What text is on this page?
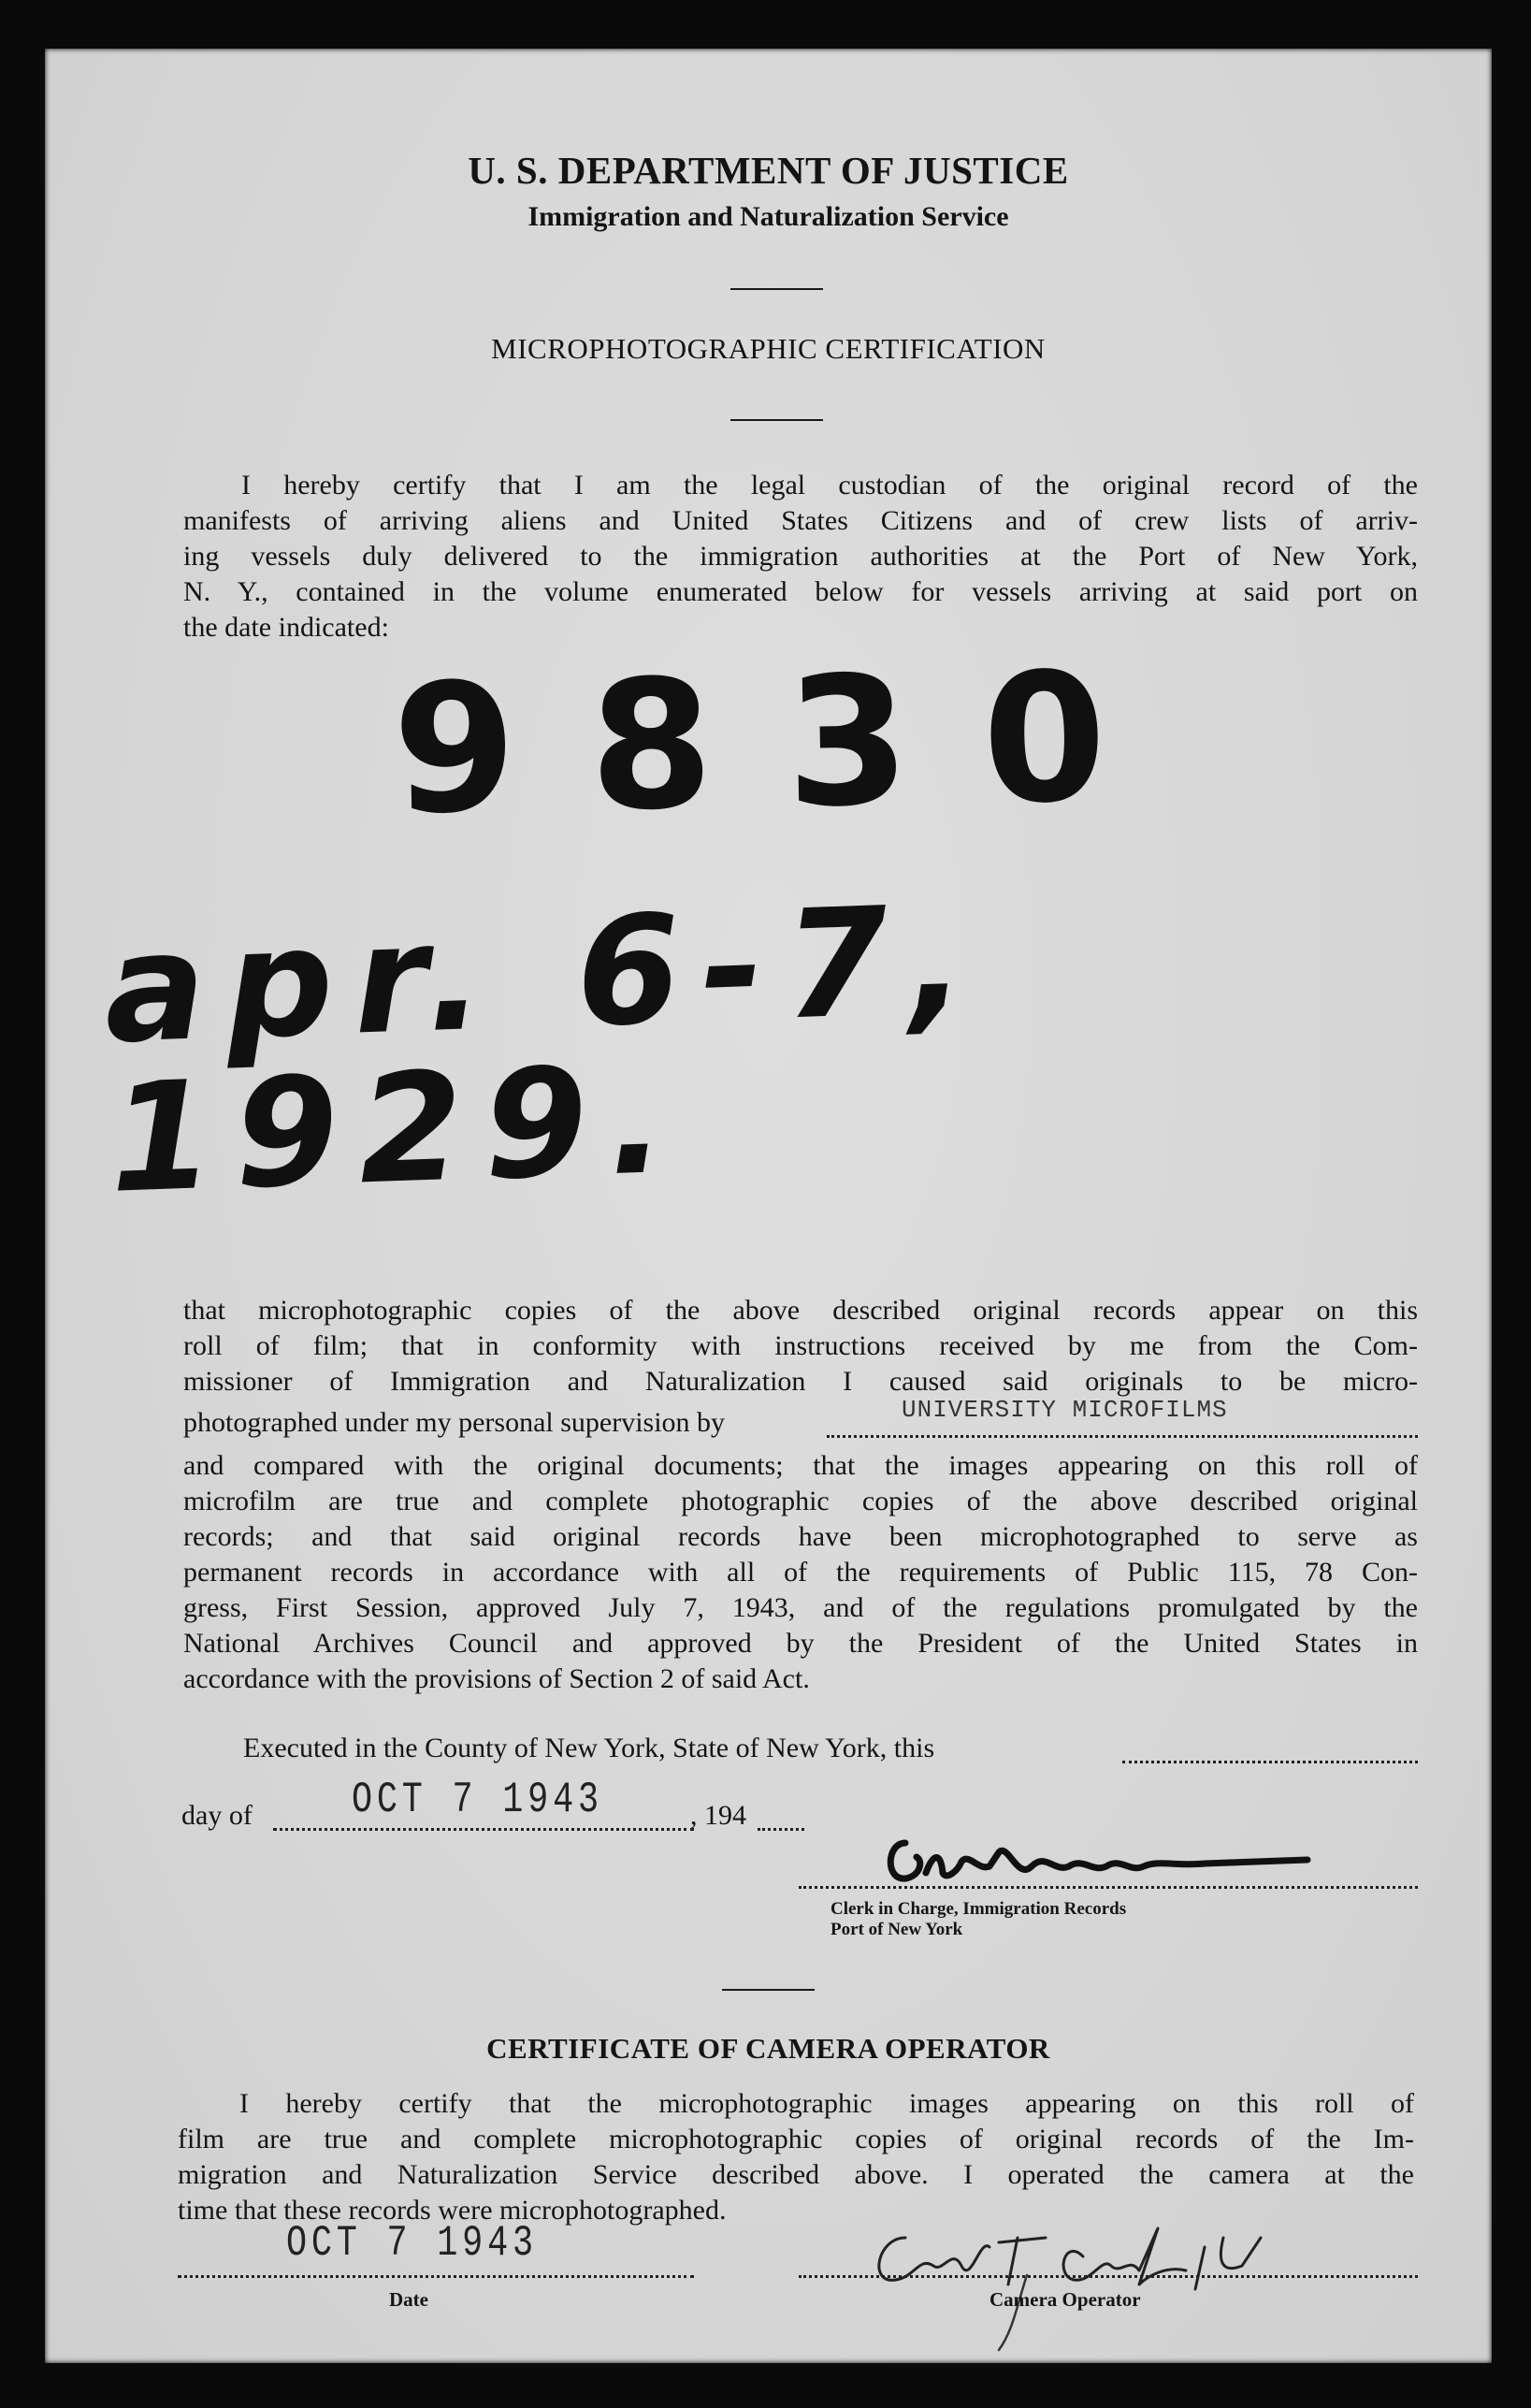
U. S. DEPARTMENT OF JUSTICE
Immigration and Naturalization Service
MICROPHOTOGRAPHIC CERTIFICATION
I hereby certify that I am the legal custodian of the original record of the
manifests of arriving aliens and United States Citizens and of crew lists of arriv-
ing vessels duly delivered to the immigration authorities at the Port of New York,
N. Y., contained in the volume enumerated below for vessels arriving at said port on
the date indicated:
9830
apr. 6-7, 1929.
that microphotographic copies of the above described original records appear on this
roll of film; that in conformity with instructions received by me from the Com-
missioner of Immigration and Naturalization I caused said originals to be micro-
photographed under my personal supervision by	UNIVERSITY MICROFILMS
and compared with the original documents; that the images appearing on this roll of
microfilm are true and complete photographic copies of the above described original
records; and that said original records have been microphotographed to serve as
permanent records in accordance with all of the requirements of Public 115, 78 Con-
gress, First Session, approved July 7, 1943, and of the regulations promulgated by the
National Archives Council and approved by the President of the United States in
accordance with the provisions of Section 2 of said Act.
Executed in the County of New York, State of New York, this
day of OCT 7 1943	, 194
Clerk in Charge, Immigration Records
Port of New York
CERTIFICATE OF CAMERA OPERATOR
I hereby certify that the microphotographic images appearing on this roll of
film are true and complete microphotographic copies of original records of the Im-
migration and Naturalization Service described above. I operated the camera at the
time that these records were microphotographed.
OCT 7 1943
Date	Camera Operator
